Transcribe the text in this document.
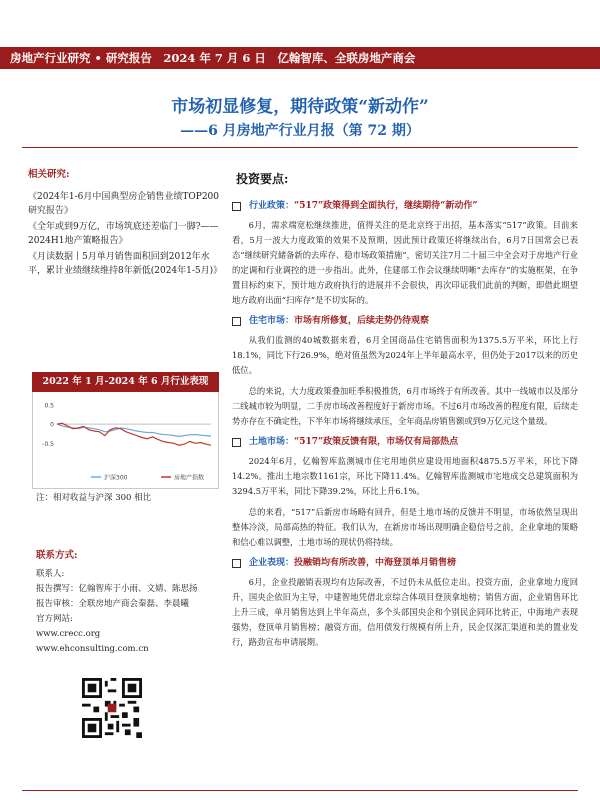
房地产行业研究 • 研究报告　2024 年 7 月 6 日　亿翰智库、全联房地产商会
市场初显修复，期待政策“新动作”
——6 月房地产行业月报（第 72 期）
相关研究:
《2024年1-6月中国典型房企销售业绩TOP200研究报告》
《全年或到9万亿，市场筑底还差临门一脚?——2024H1地产策略报告》
《月读数据丨5月单月销售面积回到2012年水平，累计业绩继续维持8年新低(2024年1-5月)》
0.5
0
-0.5
沪深300	房地产指数
2022 年 1 月-2024 年 6 月行业表现
注：相对收益与沪深 300 相比
联系方式:
联系人:
报告撰写：亿翰智库于小雨、文婧、陈思扬
报告审核：全联房地产商会秦磊、李晨曦
官方网站:
www.crecc.org
www.ehconsulting.com.cn
投资要点:
行业政策： “517”政策得到全面执行，继续期待“新动作”

6月，需求端宽松继续推进，值得关注的是北京终于出招，基本落实“517”政策。目前来看，5月一波大力度政策的效果不及预期，因此预计政策还将继续出台，6月7日国常会已表态“继续研究储备新的去库存、稳市场政策措施”，密切关注7月二十届三中全会对于房地产行业的定调和行业调控的进一步指出。此外，住建部工作会议继续明晰“去库存”的实施框架，在争置目标约束下，预计地方政府执行的进展并不会很快，再次印证我们此前的判断，即借此期望地方政府出面“扫库存”是不切实际的。

住宅市场： 市场有所修复，后续走势仍待观察

从我们监测的40城数据来看，6月全国商品住宅销售面积为1375.5万平米，环比上行18.1%，同比下行26.9%，绝对值虽然为2024年上半年最高水平，但仍处于2017以来的历史低位。

总的来说，大力度政策叠加旺季积极推货，6月市场终于有所改善。其中一线城市以及部分二线城市较为明显，二手房市场改善程度好于新房市场。不过6月市场改善的程度有限，后续走势亦存在不确定性，下半年市场将继续承压，全年商品房销售额或到9万亿元这个量级。

土地市场： “517”政策反馈有限，市场仅有局部热点

2024年6月，亿翰智库监测城市住宅用地供应建设用地面积4875.5万平米，环比下降14.2%。推出土地宗数1161宗，环比下降11.4%。亿翰智库监测城市宅地成交总建筑面积为3294.5万平米，同比下降39.2%，环比上升6.1%。

总的来看，“517”后新房市场略有回升，但是土地市场的反馈并不明显，市场依然呈现出整体冷淡，局部高热的特征。我们认为，在新房市场出现明确企稳信号之前，企业拿地的策略和信心难以调整，土地市场的现状仍将持续。

企业表现： 投融销均有所改善，中海登顶单月销售榜

6月，企业投融销表现均有边际改善，不过仍未从低位走出。投资方面，企业拿地力度回升，国央企依旧为主导，中建智地凭借北京综合体项目登顶拿地榜；销售方面，企业销售环比上升三成，单月销售达到上半年高点，多个头部国央企和个别民企同环比转正，中海地产表现强势，登顶单月销售榜；融资方面，信用债发行规模有所上升，民企仅深汇渠道和美的置业发行，路劲宣布申请展期。
